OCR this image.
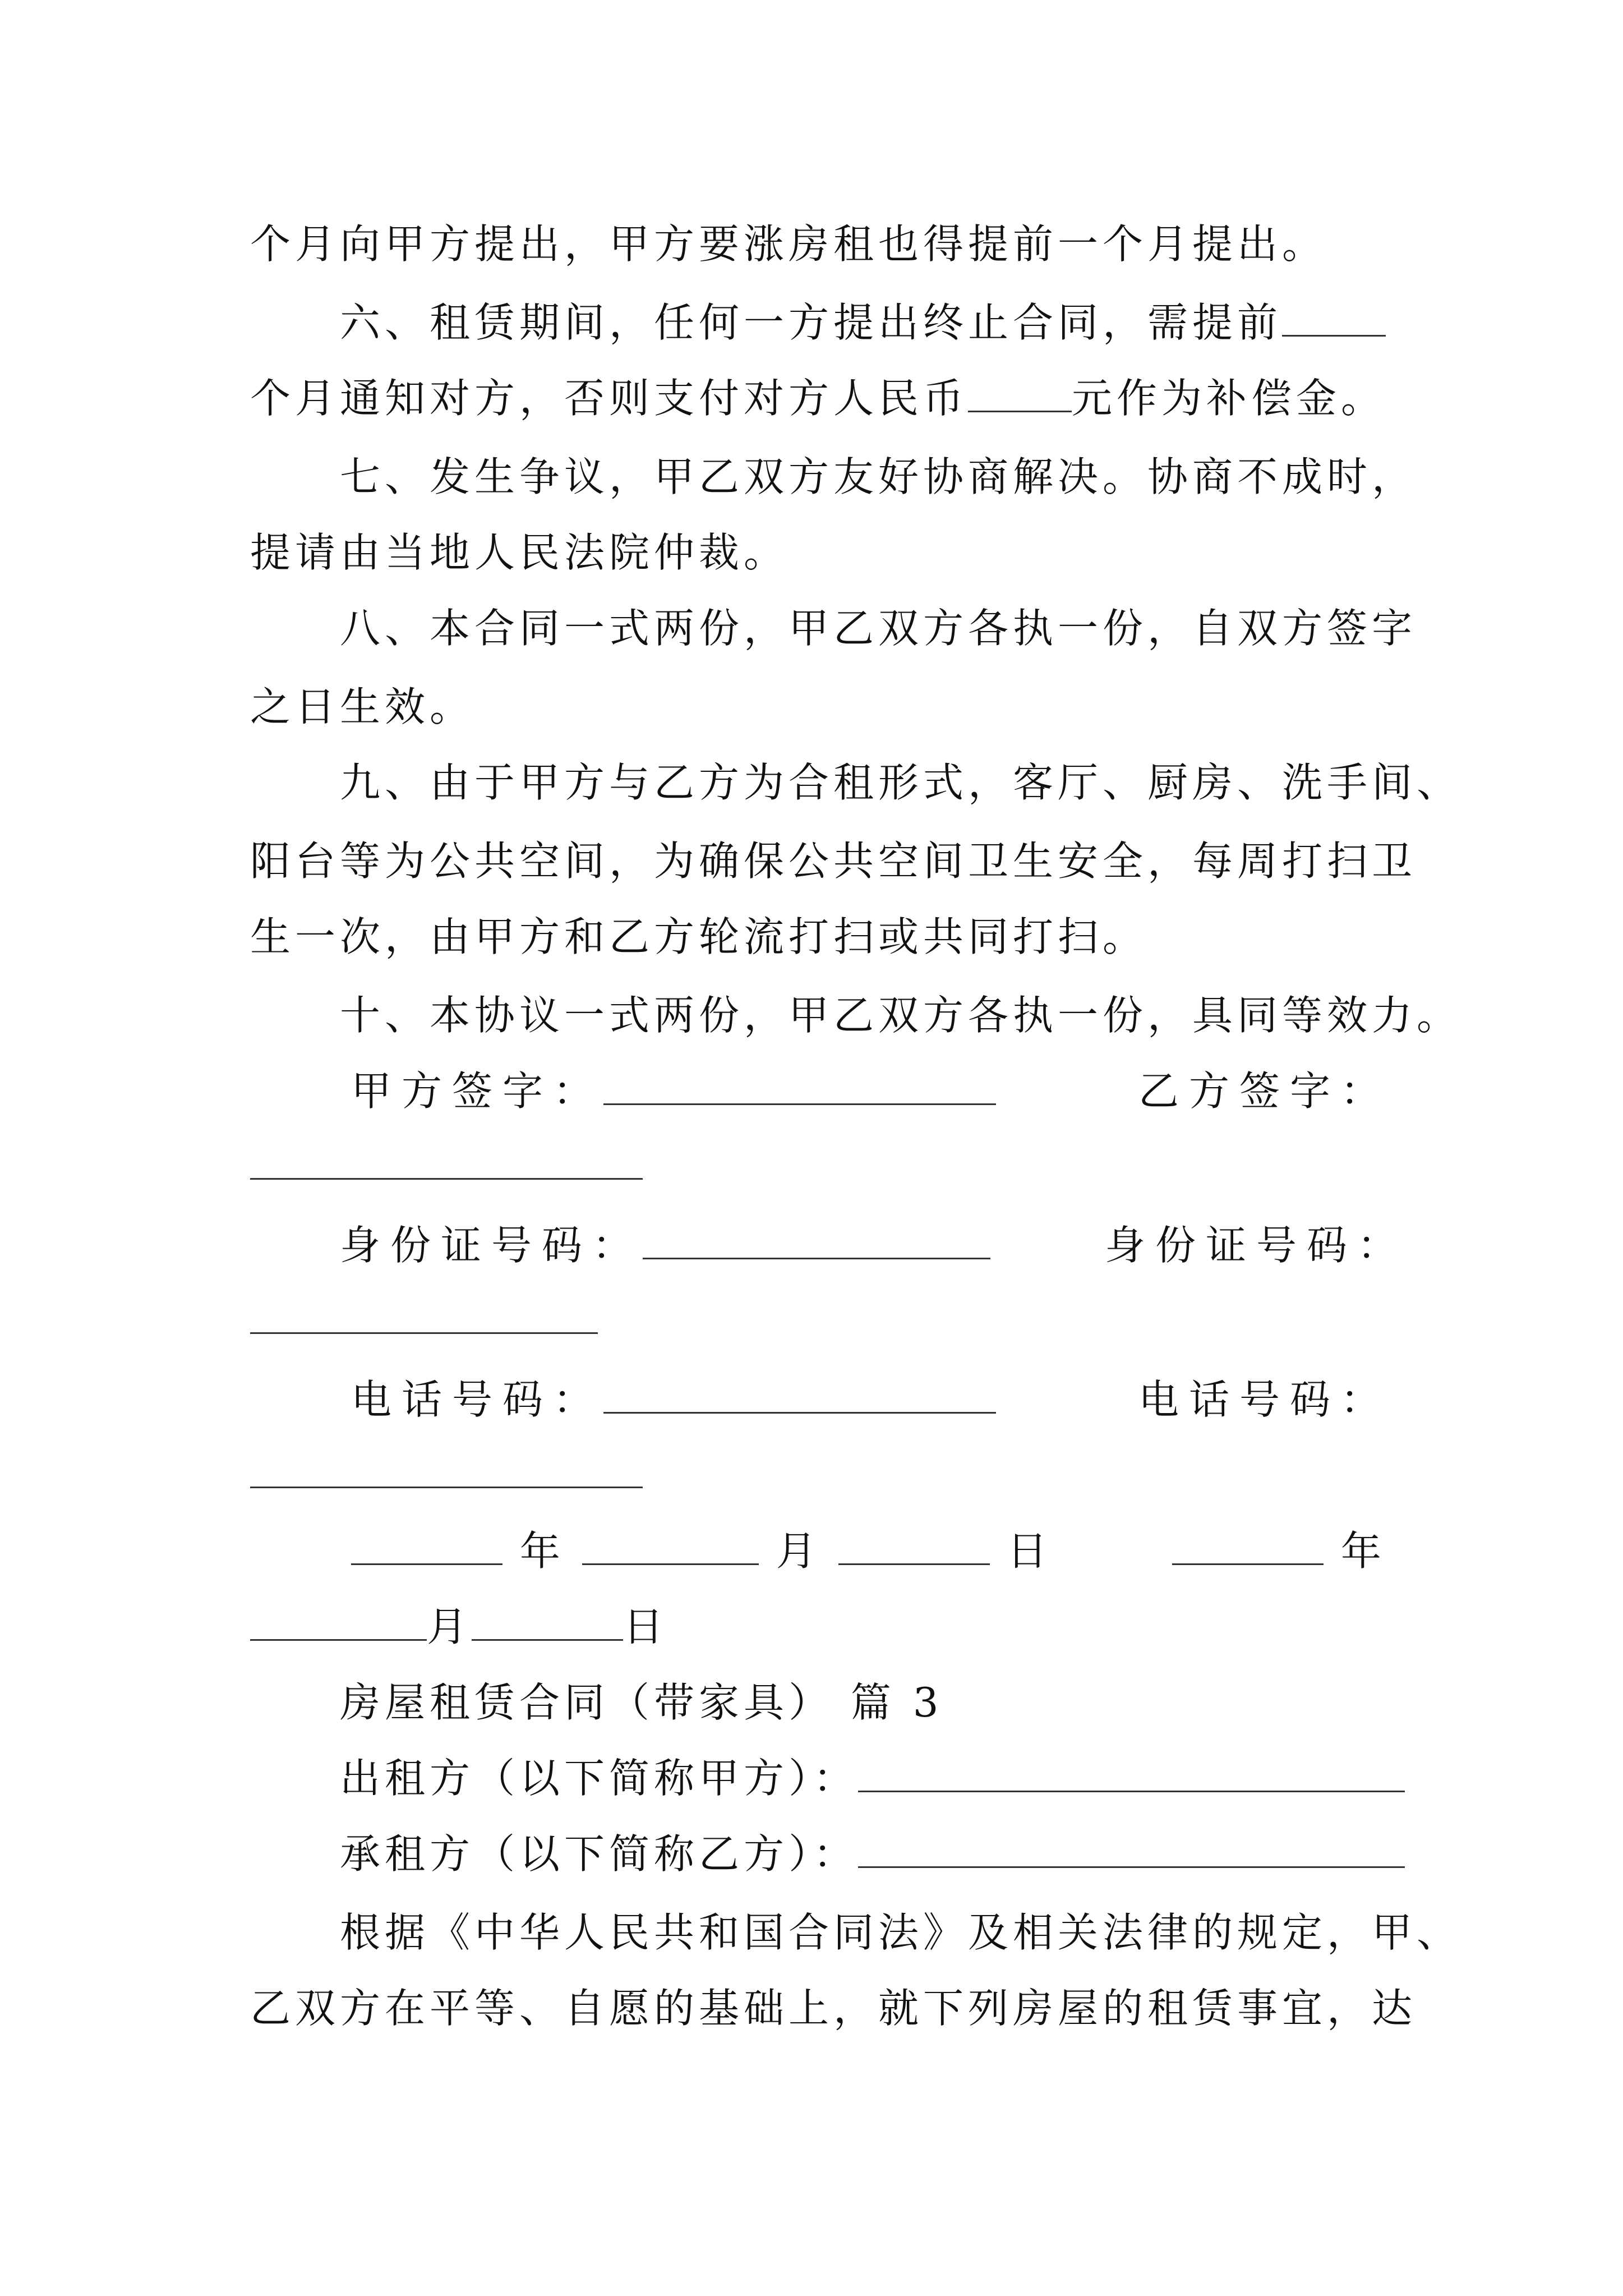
个月向甲方提出，甲方要涨房租也得提前一个月提出。
六、租赁期间，任何一方提出终止合同，需提前
个月通知对方，否则支付对方人民币	元作为补偿金。
七、发生争议，甲乙双方友好协商解决。协商不成时，
提请由当地人民法院仲裁。
八、本合同一式两份，甲乙双方各执一份，自双方签字
之日生效。
九、由于甲方与乙方为合租形式，客厅、厨房、洗手间、
阳台等为公共空间，为确保公共空间卫生安全，每周打扫卫
生一次，由甲方和乙方轮流打扫或共同打扫。
十、本协议一式两份，甲乙双方各执一份，具同等效力。
甲方签字：	乙方签字：
身份证号码：	身份证号码：
电话号码：	电话号码：
年	月	日	年
月	日
房屋租赁合同（带家具） 篇 3
出租方（以下简称甲方）：
承租方（以下简称乙方）：
根据《中华人民共和国合同法》及相关法律的规定，甲、
乙双方在平等、自愿的基础上，就下列房屋的租赁事宜，达
